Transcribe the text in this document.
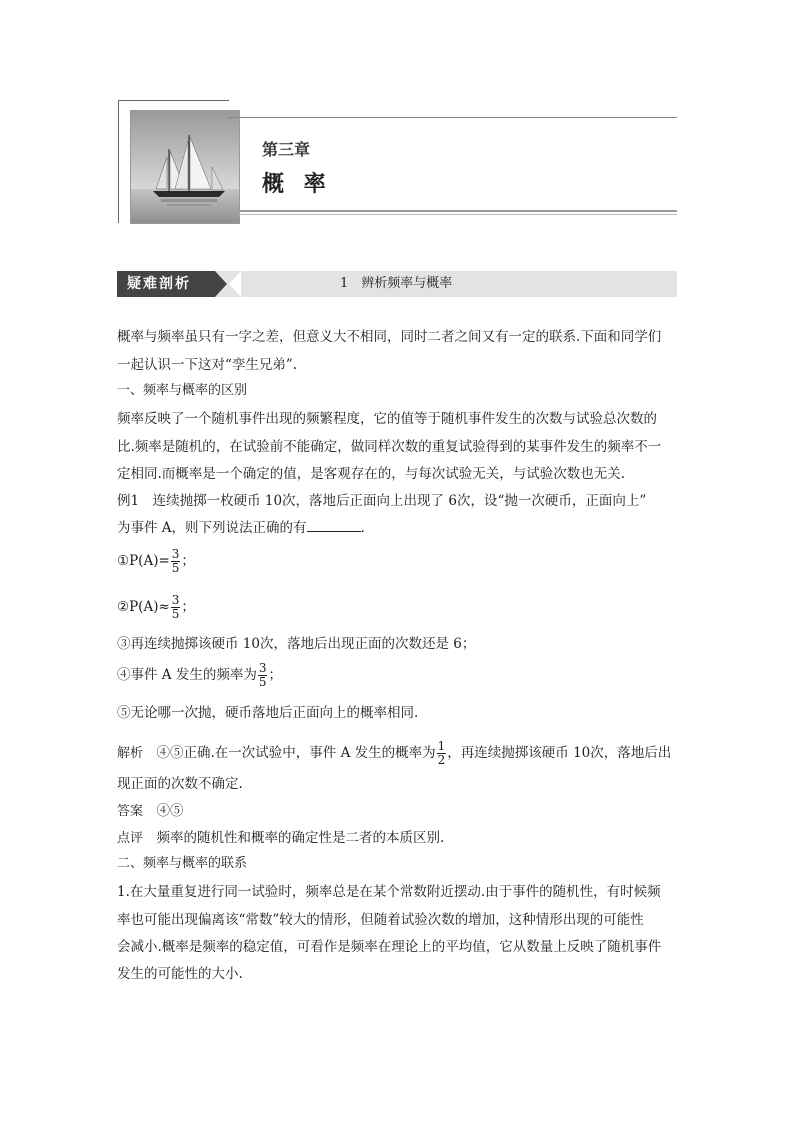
第三章
概 率
疑难剖析	1　辨析频率与概率
概率与频率虽只有一字之差，但意义大不相同，同时二者之间又有一定的联系.下面和同学们
一起认识一下这对“孪生兄弟”.
一、频率与概率的区别
频率反映了一个随机事件出现的频繁程度，它的值等于随机事件发生的次数与试验总次数的
比.频率是随机的，在试验前不能确定，做同样次数的重复试验得到的某事件发生的频率不一
定相同.而概率是一个确定的值，是客观存在的，与每次试验无关，与试验次数也无关.
例1　连续抛掷一枚硬币 10次，落地后正面向上出现了 6次，设“抛一次硬币，正面向上”
为事件 A，则下列说法正确的有	.
①P(A)= $\frac{3}{5}$ ；
②P(A)≈ $\frac{3}{5}$ ；
③再连续抛掷该硬币 10次，落地后出现正面的次数还是 6；
④事件 A 发生的频率为 $\frac{3}{5}$ ；
⑤无论哪一次抛，硬币落地后正面向上的概率相同.
解析　④⑤正确.在一次试验中，事件 A 发生的概率为 $\frac{1}{2}$ ，再连续抛掷该硬币 10次，落地后出
现正面的次数不确定.
答案　④⑤
点评　频率的随机性和概率的确定性是二者的本质区别.
二、频率与概率的联系
1.在大量重复进行同一试验时，频率总是在某个常数附近摆动.由于事件的随机性，有时候频
率也可能出现偏离该“常数”较大的情形，但随着试验次数的增加，这种情形出现的可能性
会减小.概率是频率的稳定值，可看作是频率在理论上的平均值，它从数量上反映了随机事件
发生的可能性的大小.
